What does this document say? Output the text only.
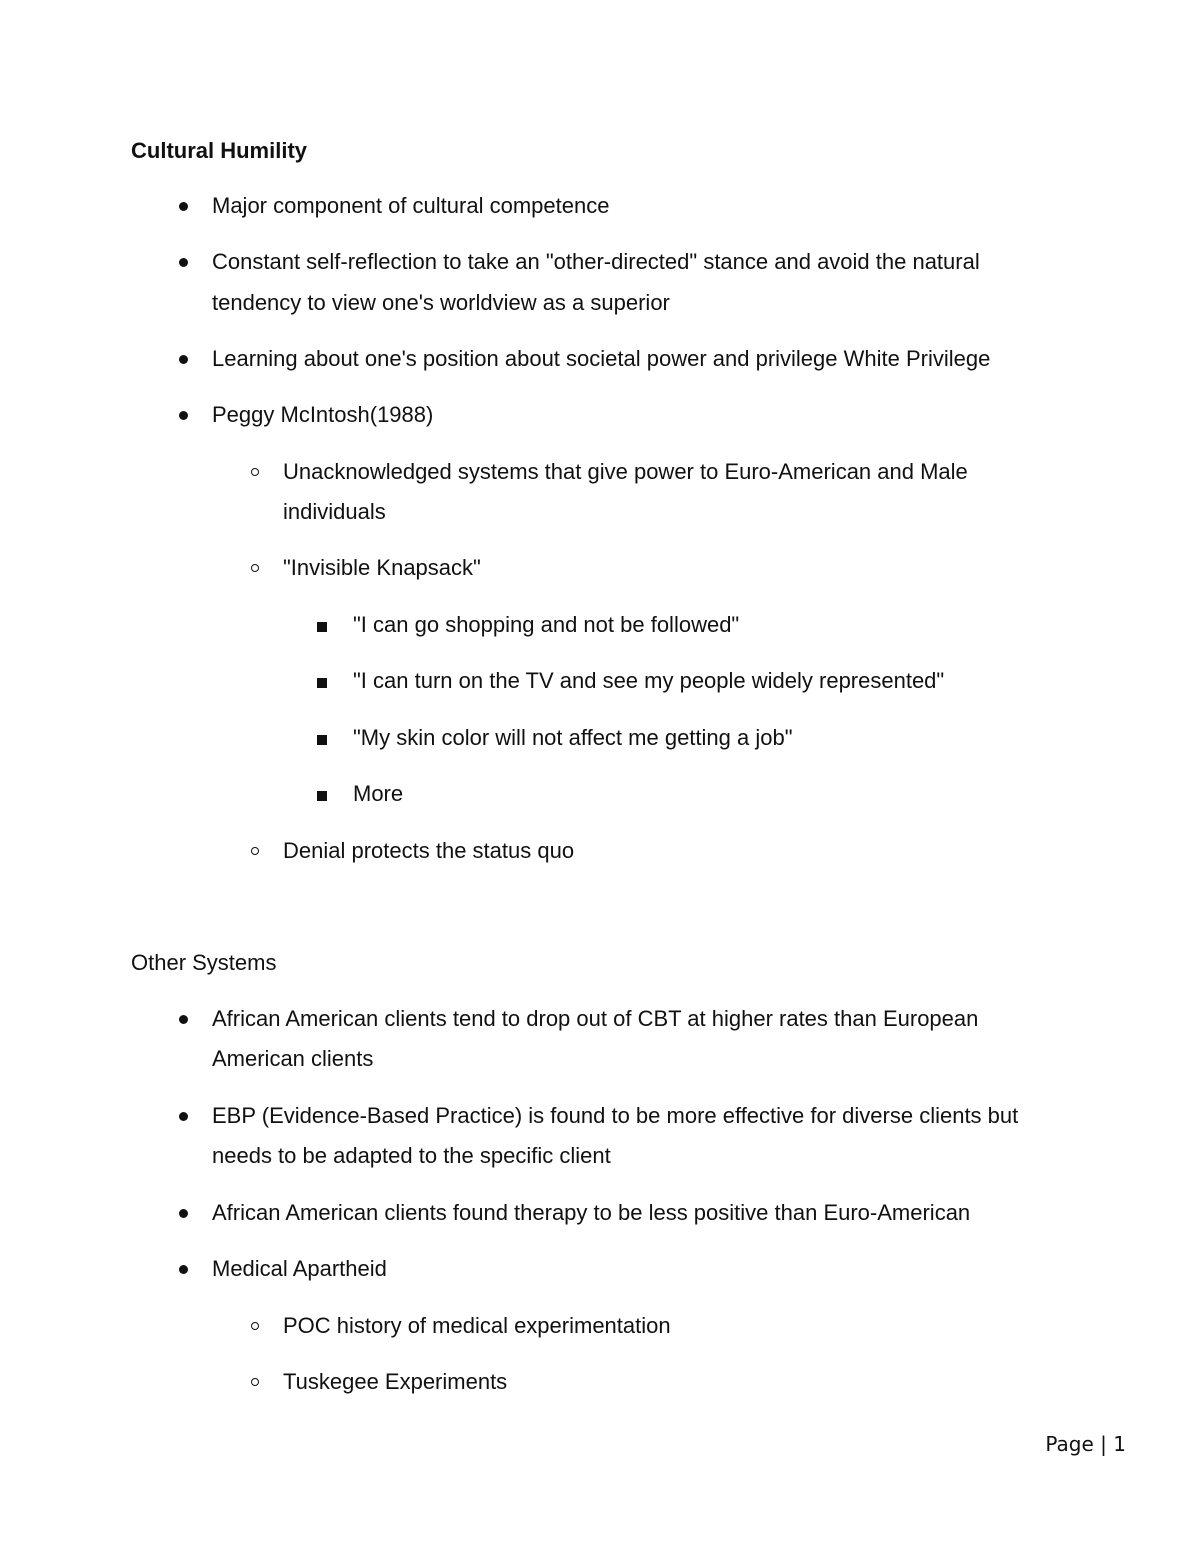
Cultural Humility
Major component of cultural competence
Constant self-reflection to take an "other-directed" stance and avoid the natural
tendency to view one's worldview as a superior
Learning about one's position about societal power and privilege White Privilege
Peggy McIntosh(1988)
Unacknowledged systems that give power to Euro-American and Male
individuals
"Invisible Knapsack"
"I can go shopping and not be followed"
"I can turn on the TV and see my people widely represented"
"My skin color will not affect me getting a job"
More
Denial protects the status quo
Other Systems
African American clients tend to drop out of CBT at higher rates than European
American clients
EBP (Evidence-Based Practice) is found to be more effective for diverse clients but
needs to be adapted to the specific client
African American clients found therapy to be less positive than Euro-American
Medical Apartheid
POC history of medical experimentation
Tuskegee Experiments
Page | 1
